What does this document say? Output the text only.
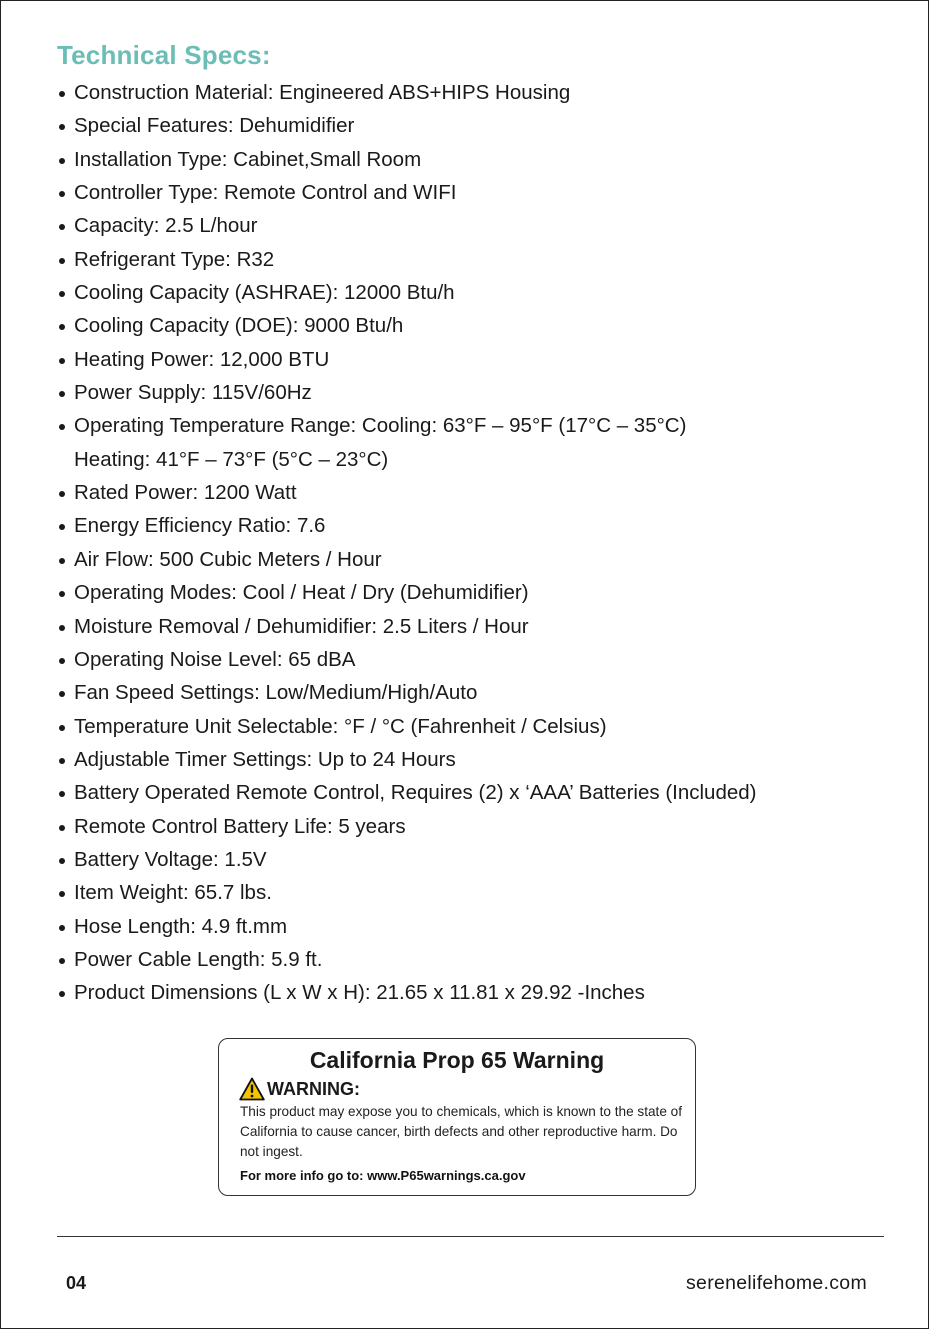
Technical Specs:
Construction Material: Engineered ABS+HIPS Housing
Special Features: Dehumidifier
Installation Type: Cabinet,Small Room
Controller Type: Remote Control and WIFI
Capacity: 2.5 L/hour
Refrigerant Type: R32
Cooling Capacity (ASHRAE): 12000 Btu/h
Cooling Capacity (DOE): 9000 Btu/h
Heating Power: 12,000 BTU
Power Supply: 115V/60Hz
Operating Temperature Range: Cooling: 63°F – 95°F (17°C – 35°C)
Heating: 41°F – 73°F (5°C – 23°C)
Rated Power: 1200 Watt
Energy Efficiency Ratio: 7.6
Air Flow: 500 Cubic Meters / Hour
Operating Modes: Cool / Heat / Dry (Dehumidifier)
Moisture Removal / Dehumidifier: 2.5 Liters / Hour
Operating Noise Level: 65 dBA
Fan Speed Settings: Low/Medium/High/Auto
Temperature Unit Selectable: °F / °C (Fahrenheit / Celsius)
Adjustable Timer Settings: Up to 24 Hours
Battery Operated Remote Control, Requires (2) x ‘AAA’ Batteries (Included)
Remote Control Battery Life: 5 years
Battery Voltage: 1.5V
Item Weight: 65.7 lbs.
Hose Length: 4.9 ft.mm
Power Cable Length: 5.9 ft.
Product Dimensions (L x W x H): 21.65 x 11.81 x 29.92 -Inches
California Prop 65 Warning
WARNING:
This product may expose you to chemicals, which is known to the state of California to cause cancer, birth defects and other reproductive harm. Do not ingest.
For more info go to: www.P65warnings.ca.gov
04	serenelifehome.com
